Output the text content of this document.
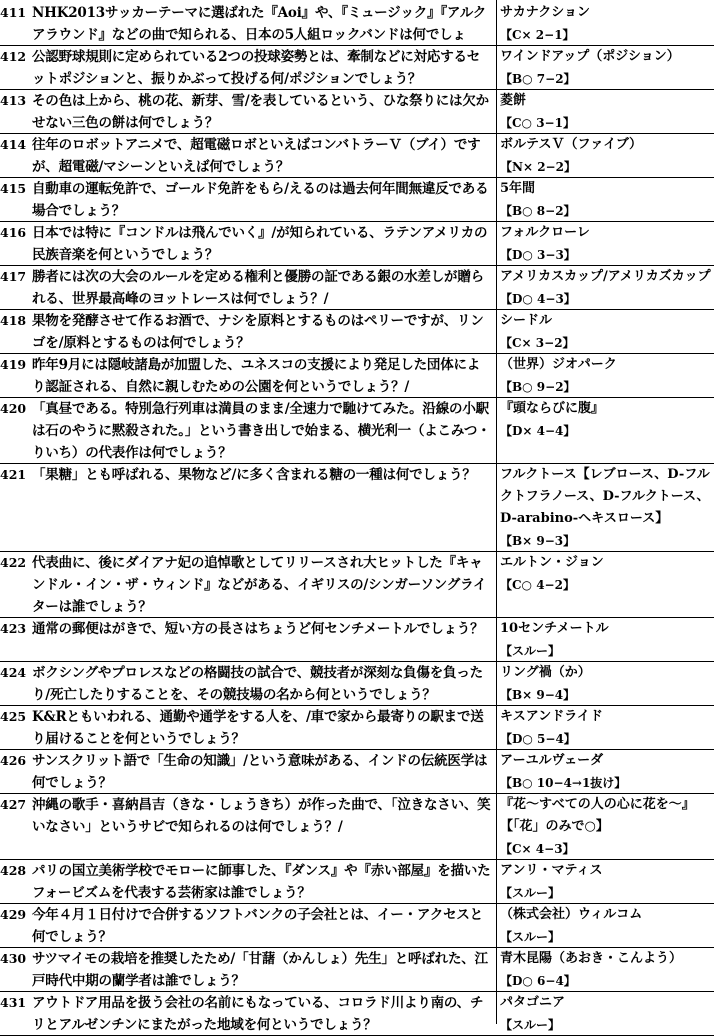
411 NHK2013サッカーテーマに選ばれた『Aoi』や、『ミュージック』『アルクアラウンド』などの曲で知られる、日本の5人組ロックバンドは何でしょ
サカナクション
【C× 2−1】
412 公認野球規則に定められている2つの投球姿勢とは、牽制などに対応するセットポジションと、振りかぶって投げる何/ポジションでしょう？
ワインドアップ（ポジション）
【B○ 7−2】
413 その色は上から、桃の花、新芽、雪/を表しているという、ひな祭りには欠かせない三色の餅は何でしょう？
菱餅
【C○ 3−1】
414 往年のロボットアニメで、超電磁ロボといえばコンバトラーＶ（ブイ）ですが、超電磁/マシーンといえば何でしょう？
ボルテスＶ（ファイブ）
【N× 2−2】
415 自動車の運転免許で、ゴールド免許をもら/えるのは過去何年間無違反である場合でしょう？
5年間
【B○ 8−2】
416 日本では特に『コンドルは飛んでいく』/が知られている、ラテンアメリカの民族音楽を何というでしょう？
フォルクローレ
【D○ 3−3】
417 勝者には次の大会のルールを定める権利と優勝の証である銀の水差しが贈られる、世界最高峰のヨットレースは何でしょう？/
アメリカスカップ/アメリカズカップ
【D○ 4−3】
418 果物を発酵させて作るお酒で、ナシを原料とするものはペリーですが、リンゴを/原料とするものは何でしょう？
シードル
【C× 3−2】
419 昨年9月には隠岐諸島が加盟した、ユネスコの支援により発足した団体により認証される、自然に親しむための公園を何というでしょう？/
（世界）ジオパーク
【B○ 9−2】
420 「真昼である。特別急行列車は満員のまま/全速力で馳けてみた。沿線の小駅は石のやうに黙殺された。」という書き出しで始まる、横光利一（よこみつ・りいち）の代表作は何でしょう？
『頭ならびに腹』
【D× 4−4】
421 「果糖」とも呼ばれる、果物など/に多く含まれる糖の一種は何でしょう？	フルクトース【レブロース、D-フルクトフラノース、D-フルクトース、D-arabino-ヘキスロース】
【B× 9−3】
422 代表曲に、後にダイアナ妃の追悼歌としてリリースされ大ヒットした『キャンドル・イン・ザ・ウィンド』などがある、イギリスの/シンガーソングライターは誰でしょう？
エルトン・ジョン
【C○ 4−2】
423 通常の郵便はがきで、短い方の長さはちょうど何センチメートルでしょう？	10センチメートル
【スルー】
424 ボクシングやプロレスなどの格闘技の試合で、競技者が深刻な負傷を負ったり/死亡したりすることを、その競技場の名から何というでしょう？
リング禍（か）
【B× 9−4】
425 K&Rともいわれる、通勤や通学をする人を、/車で家から最寄りの駅まで送り届けることを何というでしょう？
キスアンドライド
【D○ 5−4】
426 サンスクリット語で「生命の知識」/という意味がある、インドの伝統医学は何でしょう？
アーユルヴェーダ
【B○ 10−4→1抜け】
427 沖縄の歌手・喜納昌吉（きな・しょうきち）が作った曲で、「泣きなさい、笑いなさい」というサビで知られるのは何でしょう？/
『花～すべての人の心に花を～』【「花」のみで○】
【C× 4−3】
428 パリの国立美術学校でモローに師事した、『ダンス』や『赤い部屋』を描いたフォービズムを代表する芸術家は誰でしょう？
アンリ・マティス
【スルー】
429 今年４月１日付けで合併するソフトバンクの子会社とは、イー・アクセスと何でしょう？
（株式会社）ウィルコム
【スルー】
430 サツマイモの栽培を推奨したため/「甘藷（かんしょ）先生」と呼ばれた、江戸時代中期の蘭学者は誰でしょう？
青木昆陽（あおき・こんよう）
【D○ 6−4】
431 アウトドア用品を扱う会社の名前にもなっている、コロラド川より南の、チリとアルゼンチンにまたがった地域を何というでしょう？
パタゴニア
【スルー】
